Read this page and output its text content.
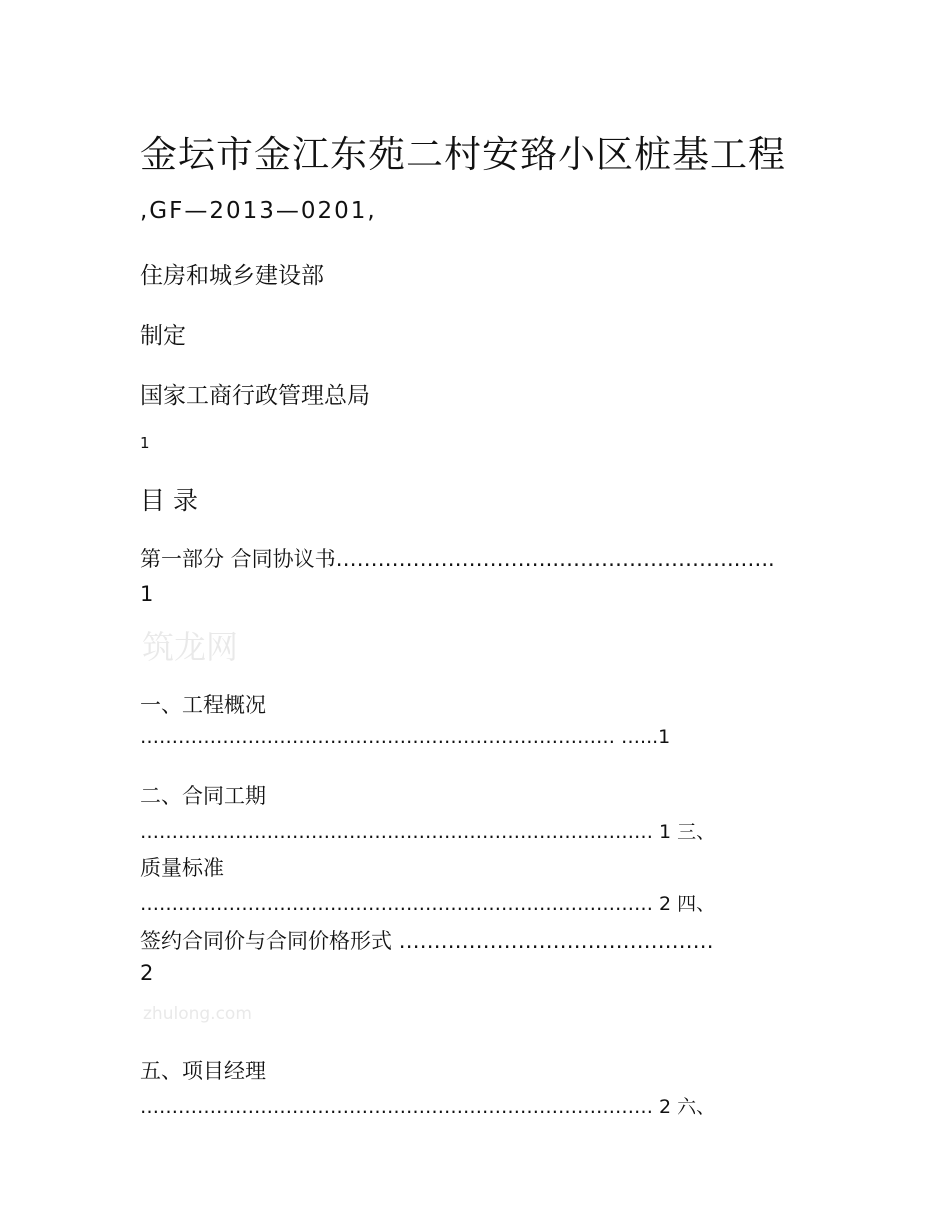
金坛市金江东苑二村安臵小区桩基工程
,GF—2013—0201,
住房和城乡建设部
制定
国家工商行政管理总局
1
目 录
第一部分 合同协议书…………………………..……………………..…..
1
筑龙网
一、工程概况
………………………………………………………………… …...1
二、合同工期
……………………………………………………………………… 1 三、
质量标准
……………………………………………………………………… 2 四、
签约合同价与合同价格形式 ………………………………………
2
zhulong.com
五、项目经理
……………………………………………………………………… 2 六、
